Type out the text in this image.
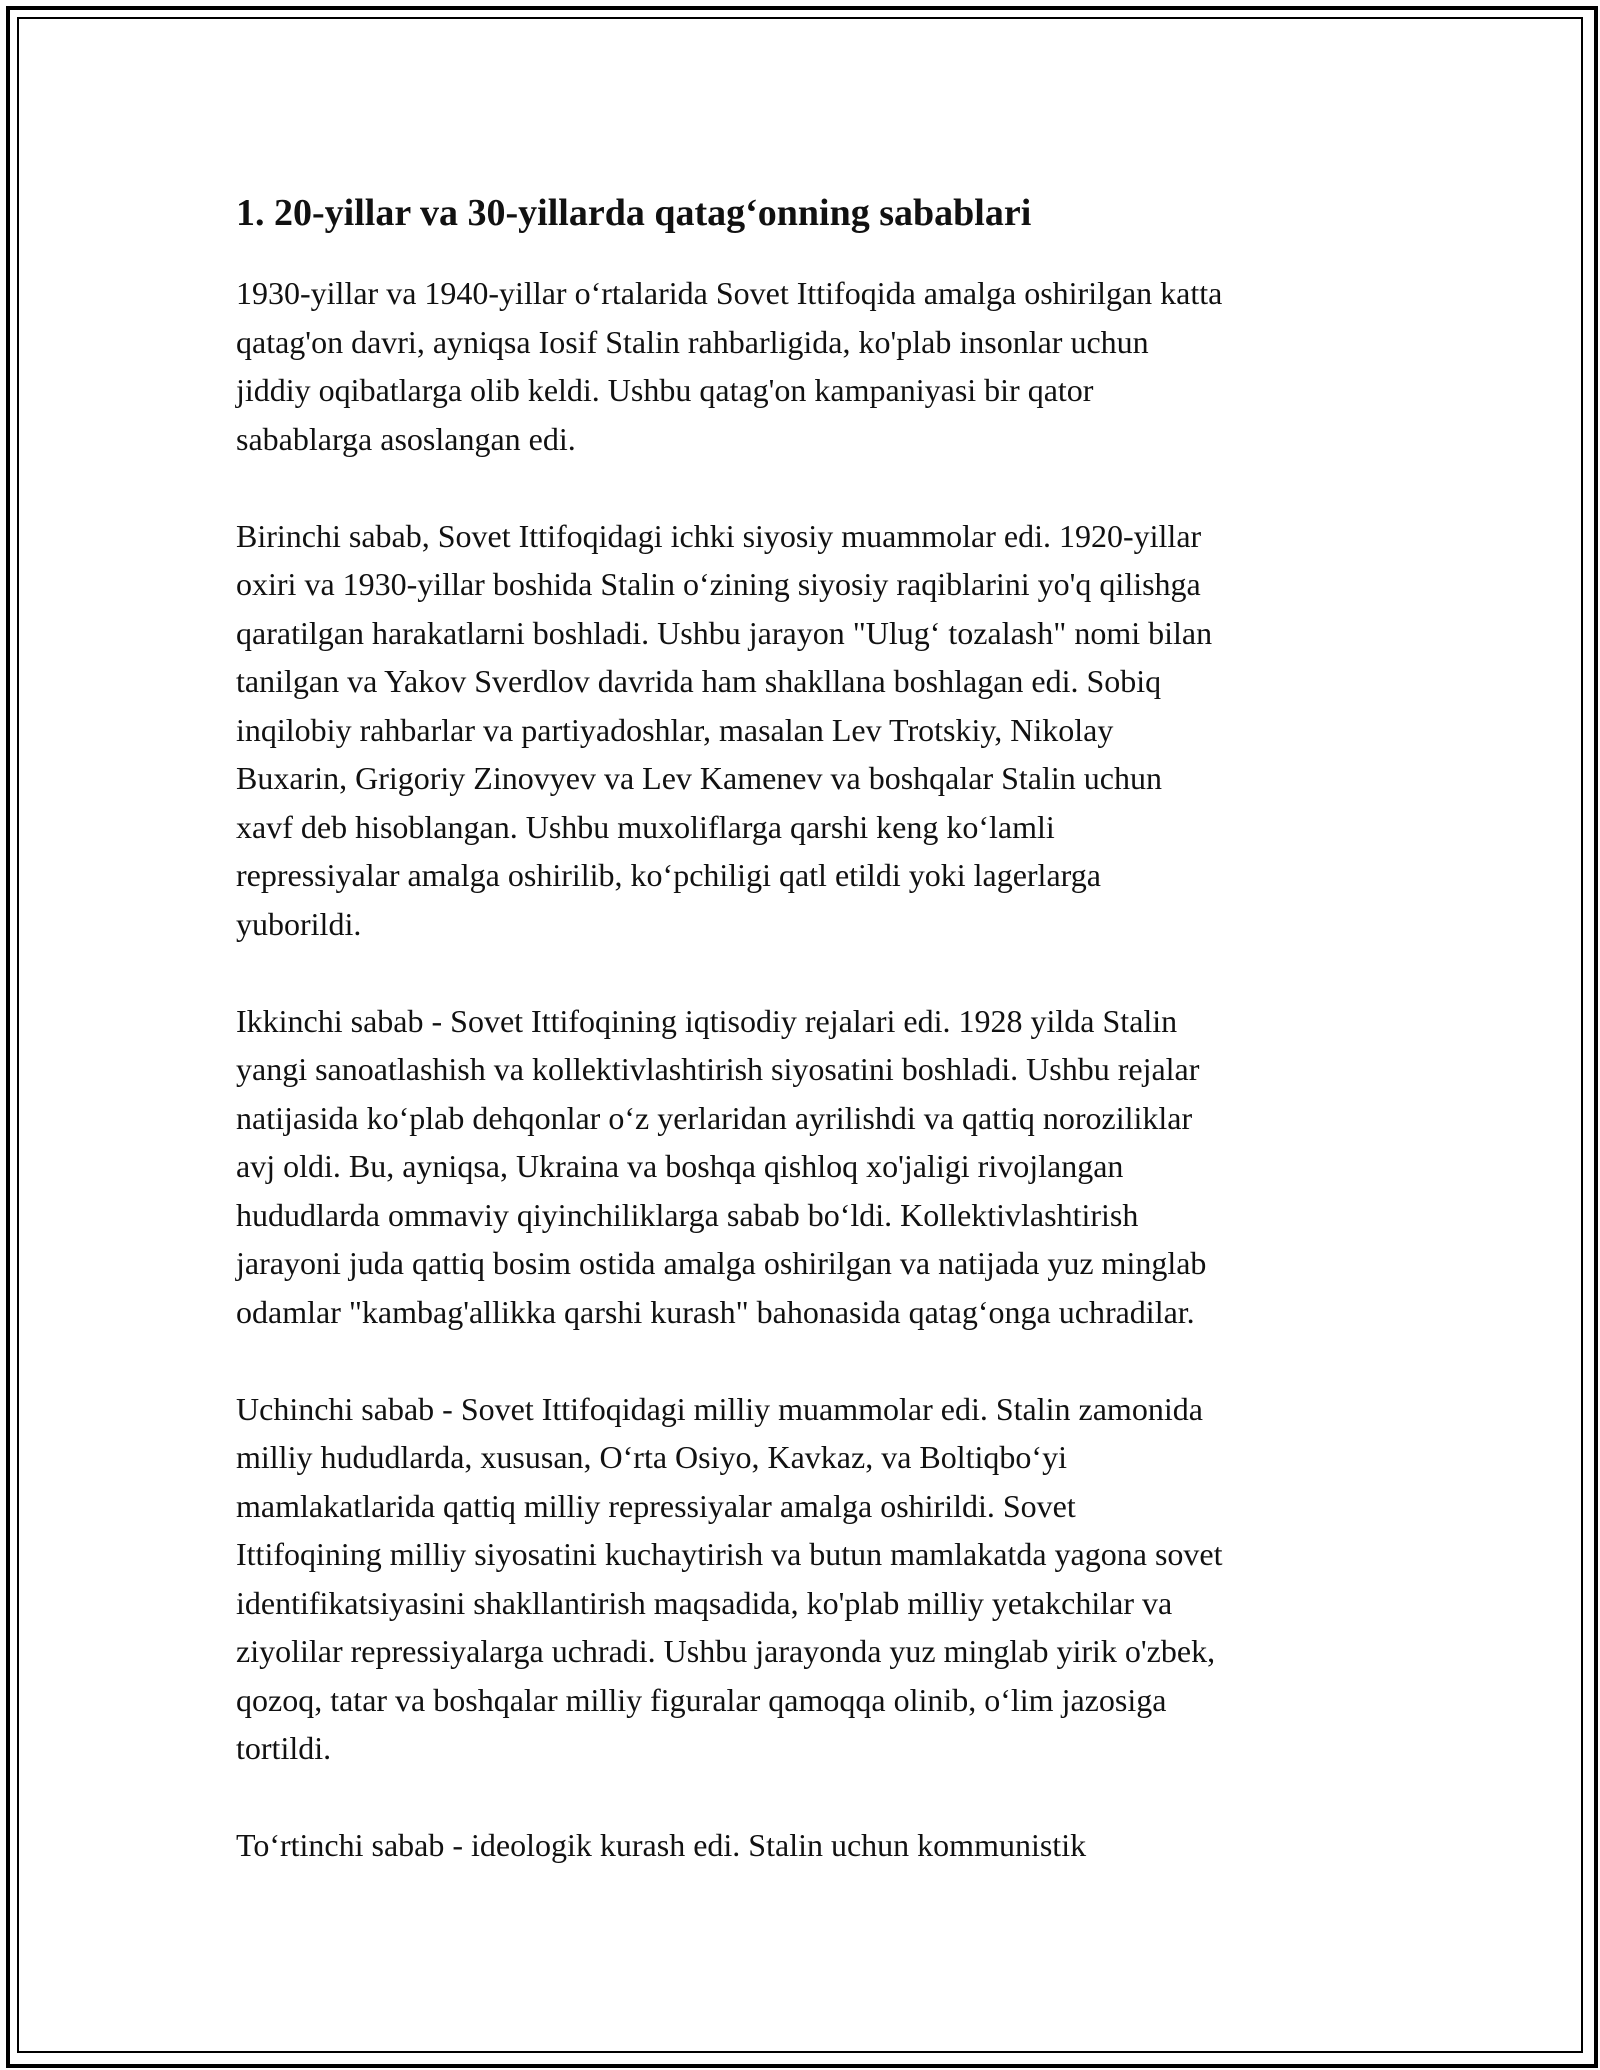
1. 20-yillar va 30-yillarda qatag‘onning sabablari
1930-yillar va 1940-yillar o‘rtalarida Sovet Ittifoqida amalga oshirilgan katta
qatag'on davri, ayniqsa Iosif Stalin rahbarligida, ko'plab insonlar uchun
jiddiy oqibatlarga olib keldi. Ushbu qatag'on kampaniyasi bir qator
sabablarga asoslangan edi.
Birinchi sabab, Sovet Ittifoqidagi ichki siyosiy muammolar edi. 1920-yillar
oxiri va 1930-yillar boshida Stalin o‘zining siyosiy raqiblarini yo'q qilishga
qaratilgan harakatlarni boshladi. Ushbu jarayon "Ulug‘ tozalash" nomi bilan
tanilgan va Yakov Sverdlov davrida ham shakllana boshlagan edi. Sobiq
inqilobiy rahbarlar va partiyadoshlar, masalan Lev Trotskiy, Nikolay
Buxarin, Grigoriy Zinovyev va Lev Kamenev va boshqalar Stalin uchun
xavf deb hisoblangan. Ushbu muxoliflarga qarshi keng ko‘lamli
repressiyalar amalga oshirilib, ko‘pchiligi qatl etildi yoki lagerlarga
yuborildi.
Ikkinchi sabab - Sovet Ittifoqining iqtisodiy rejalari edi. 1928 yilda Stalin
yangi sanoatlashish va kollektivlashtirish siyosatini boshladi. Ushbu rejalar
natijasida ko‘plab dehqonlar o‘z yerlaridan ayrilishdi va qattiq noroziliklar
avj oldi. Bu, ayniqsa, Ukraina va boshqa qishloq xo'jaligi rivojlangan
hududlarda ommaviy qiyinchiliklarga sabab bo‘ldi. Kollektivlashtirish
jarayoni juda qattiq bosim ostida amalga oshirilgan va natijada yuz minglab
odamlar "kambag'allikka qarshi kurash" bahonasida qatag‘onga uchradilar.
Uchinchi sabab - Sovet Ittifoqidagi milliy muammolar edi. Stalin zamonida
milliy hududlarda, xususan, O‘rta Osiyo, Kavkaz, va Boltiqbo‘yi
mamlakatlarida qattiq milliy repressiyalar amalga oshirildi. Sovet
Ittifoqining milliy siyosatini kuchaytirish va butun mamlakatda yagona sovet
identifikatsiyasini shakllantirish maqsadida, ko'plab milliy yetakchilar va
ziyolilar repressiyalarga uchradi. Ushbu jarayonda yuz minglab yirik o'zbek,
qozoq, tatar va boshqalar milliy figuralar qamoqqa olinib, o‘lim jazosiga
tortildi.
To‘rtinchi sabab - ideologik kurash edi. Stalin uchun kommunistik
